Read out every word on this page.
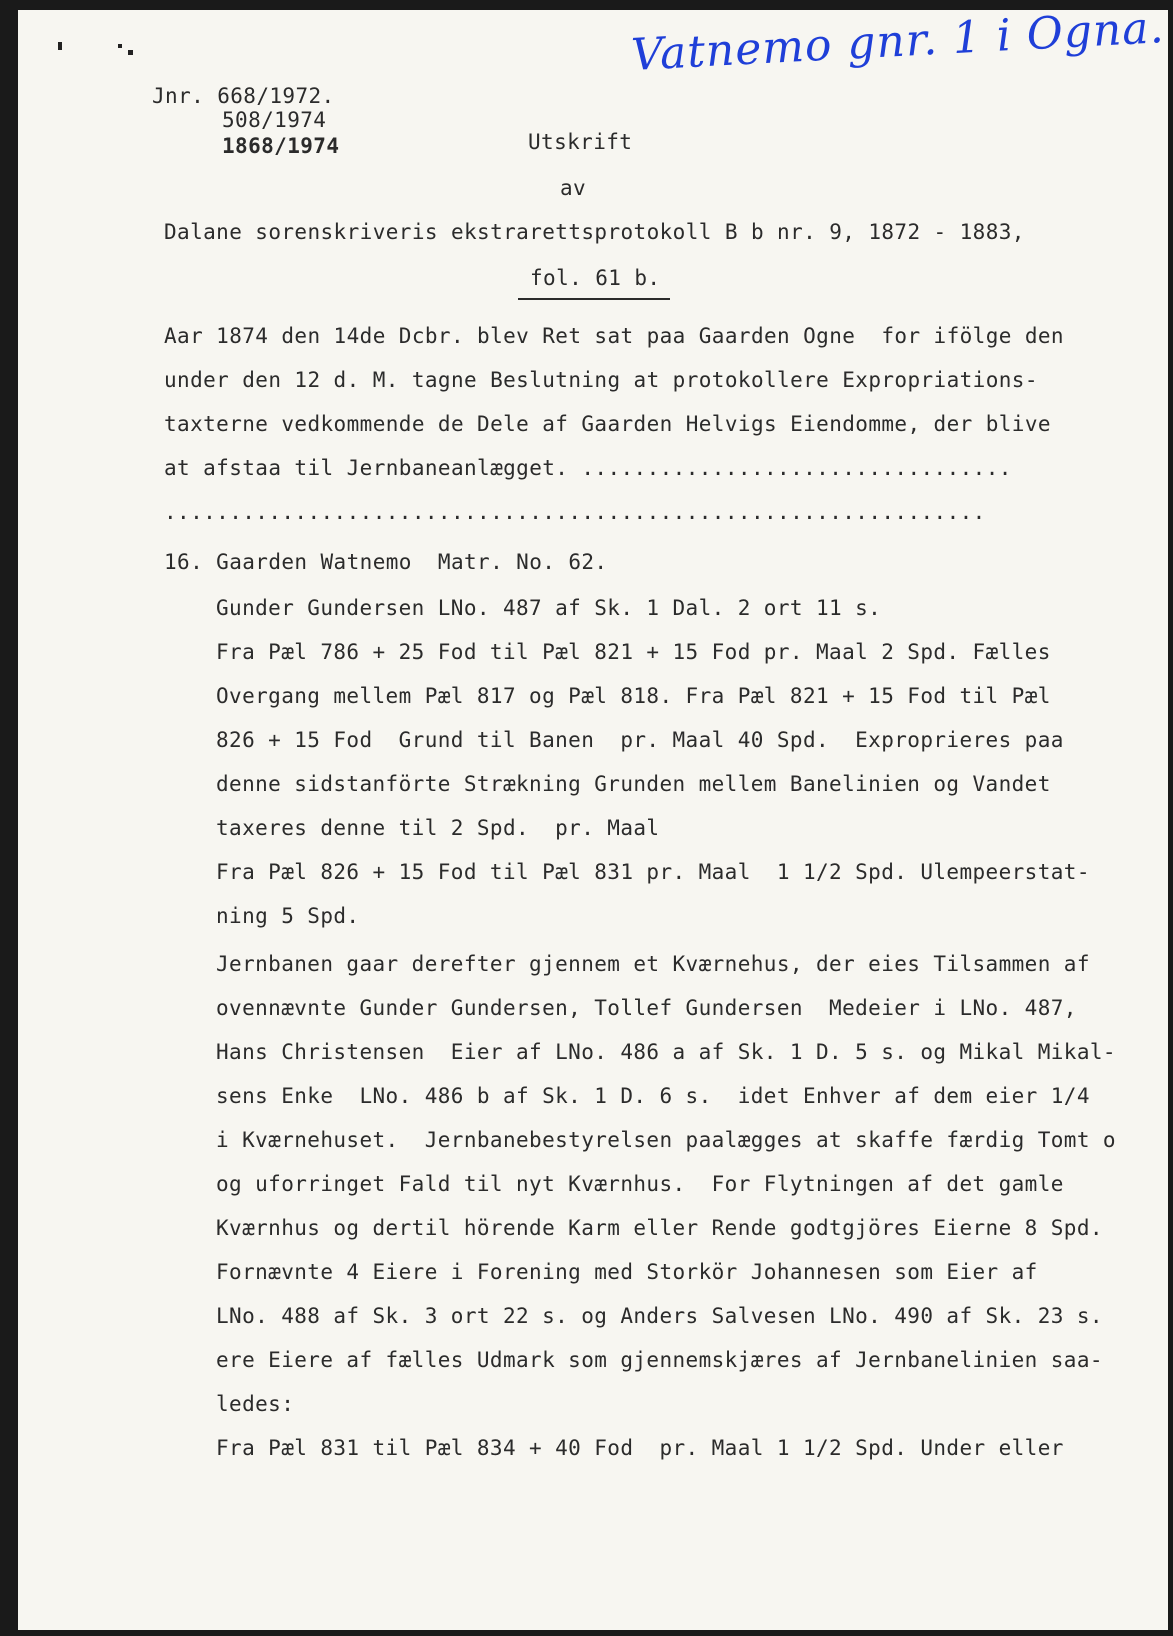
Vatnemo gnr. 1 i Ogna.
Jnr. 668/1972.
508/1974
1868/1974	Utskrift
av
Dalane sorenskriveris ekstrarettsprotokoll B b nr. 9, 1872 - 1883,
fol. 61 b.
Aar 1874 den 14de Dcbr. blev Ret sat paa Gaarden Ogne  for ifölge den
under den 12 d. M. tagne Beslutning at protokollere Expropriations-
taxterne vedkommende de Dele af Gaarden Helvigs Eiendomme, der blive
at afstaa til Jernbaneanlægget. .................................
...............................................................
16. Gaarden Watnemo  Matr. No. 62.
Gunder Gundersen LNo. 487 af Sk. 1 Dal. 2 ort 11 s.
Fra Pæl 786 + 25 Fod til Pæl 821 + 15 Fod pr. Maal 2 Spd. Fælles
Overgang mellem Pæl 817 og Pæl 818. Fra Pæl 821 + 15 Fod til Pæl
826 + 15 Fod  Grund til Banen  pr. Maal 40 Spd.  Exproprieres paa
denne sidstanförte Strækning Grunden mellem Banelinien og Vandet
taxeres denne til 2 Spd.  pr. Maal
Fra Pæl 826 + 15 Fod til Pæl 831 pr. Maal  1 1/2 Spd. Ulempeerstat-
ning 5 Spd.
Jernbanen gaar derefter gjennem et Kværnehus, der eies Tilsammen af
ovennævnte Gunder Gundersen, Tollef Gundersen  Medeier i LNo. 487,
Hans Christensen  Eier af LNo. 486 a af Sk. 1 D. 5 s. og Mikal Mikal-
sens Enke  LNo. 486 b af Sk. 1 D. 6 s.  idet Enhver af dem eier 1/4
i Kværnehuset.  Jernbanebestyrelsen paalægges at skaffe færdig Tomt o
og uforringet Fald til nyt Kværnhus.  For Flytningen af det gamle
Kværnhus og dertil hörende Karm eller Rende godtgjöres Eierne 8 Spd.
Fornævnte 4 Eiere i Forening med Storkör Johannesen som Eier af
LNo. 488 af Sk. 3 ort 22 s. og Anders Salvesen LNo. 490 af Sk. 23 s.
ere Eiere af fælles Udmark som gjennemskjæres af Jernbanelinien saa-
ledes:
Fra Pæl 831 til Pæl 834 + 40 Fod  pr. Maal 1 1/2 Spd. Under eller
